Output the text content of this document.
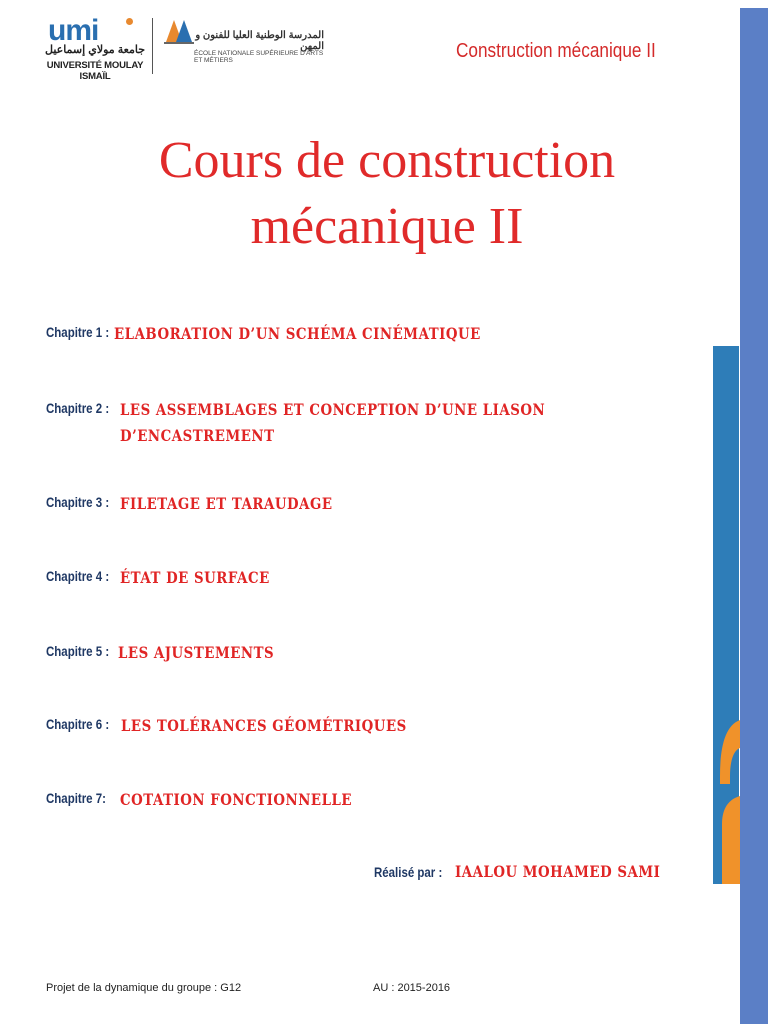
umi
جامعة مولاي إسماعيل
UNIVERSITÉ MOULAY ISMAÏL
المدرسة الوطنية العليا للفنون و المهن
ÉCOLE NATIONALE SUPÉRIEURE D'ARTS ET MÉTIERS	Construction mécanique II
Cours de construction
mécanique II
Chapitre 1 : ELABORATION D’UN SCHÉMA CINÉMATIQUE
Chapitre 2 : LES ASSEMBLAGES ET CONCEPTION D’UNE LIASON
D’ENCASTREMENT
Chapitre 3 : FILETAGE ET TARAUDAGE
Chapitre 4 : ÉTAT DE SURFACE
Chapitre 5 : LES AJUSTEMENTS
Chapitre 6 : LES TOLÉRANCES GÉOMÉTRIQUES
Chapitre 7: COTATION FONCTIONNELLE
Réalisé par : IAALOU MOHAMED SAMI
Projet de la dynamique du groupe : G12	AU : 2015-2016
